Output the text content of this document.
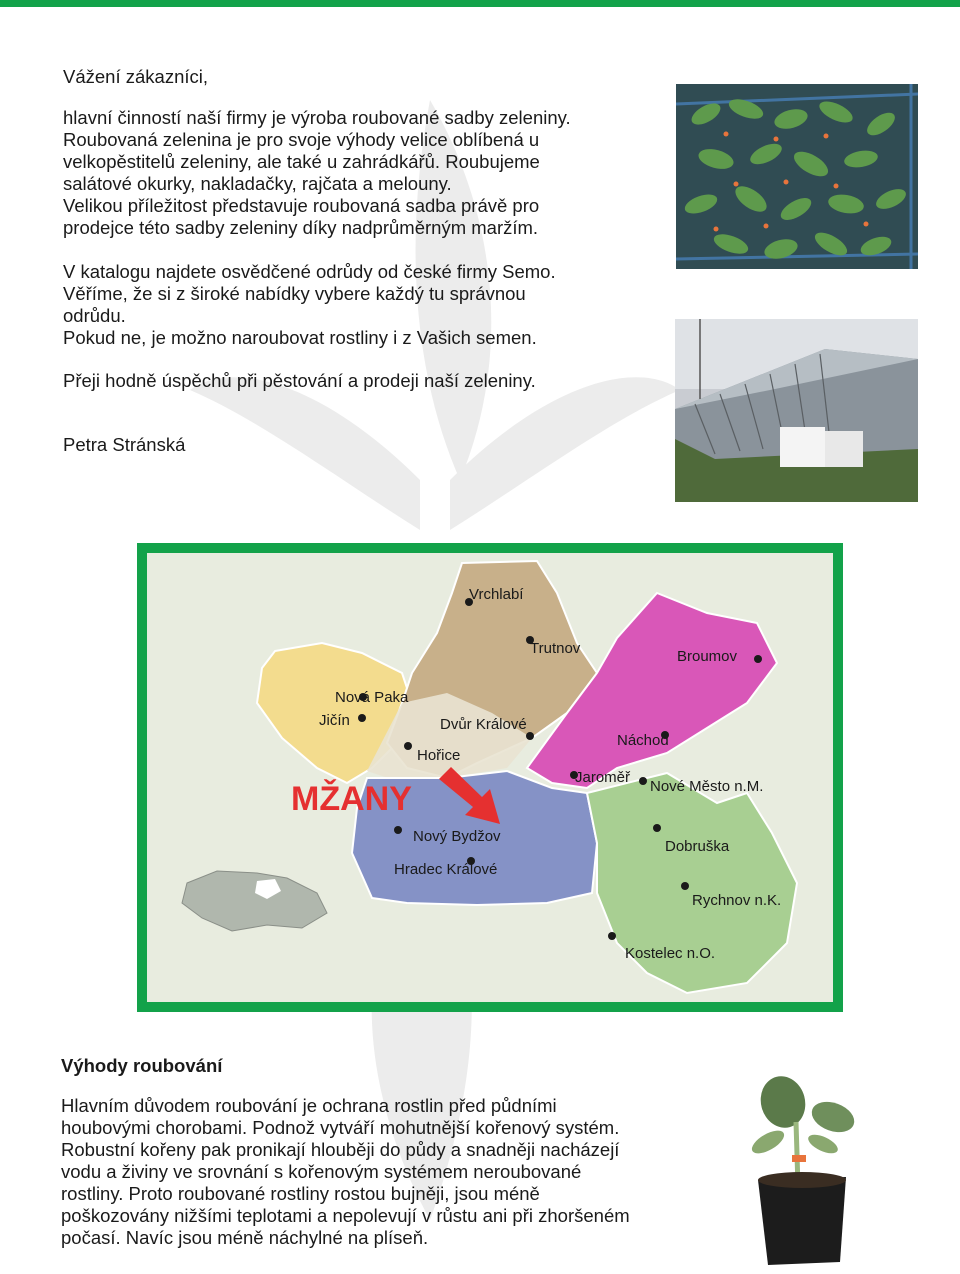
Vážení zákazníci,

hlavní činností naší firmy je výroba roubované sadby zeleniny.

Roubovaná zelenina je pro svoje výhody velice oblíbená u

velkopěstitelů zeleniny, ale také u zahrádkářů. Roubujeme

salátové okurky, nakladačky, rajčata a melouny.

Velikou příležitost představuje roubovaná sadba právě pro

prodejce této sadby zeleniny díky nadprůměrným maržím.

V katalogu najdete osvědčené odrůdy od české firmy Semo.

Věříme, že si z široké nabídky vybere každý tu správnou

odrůdu.

Pokud ne, je možno naroubovat rostliny i z Vašich semen.

Přeji hodně úspěchů při pěstování a prodeji naší zeleniny.
Petra Stránská
Vrchlabí
Trutnov	Broumov
Nová Paka
Jičín	Dvůr Králové
Hořice
Náchod
Jaroměř
Nové Město n.M.
Nový Bydžov
Hradec Králové
Dobruška
Rychnov n.K.
Kostelec n.O.
MŽANY
Výhody roubování

Hlavním důvodem roubování je ochrana rostlin před půdními

houbovými chorobami. Podnož vytváří mohutnější kořenový systém.

Robustní kořeny pak pronikají hlouběji do půdy a snadněji nacházejí

vodu a živiny ve srovnání s kořenovým systémem neroubované

rostliny. Proto roubované rostliny rostou bujněji, jsou méně

poškozovány nižšími teplotami a nepolevují v růstu ani při zhoršeném

počasí. Navíc jsou méně náchylné na plíseň.
